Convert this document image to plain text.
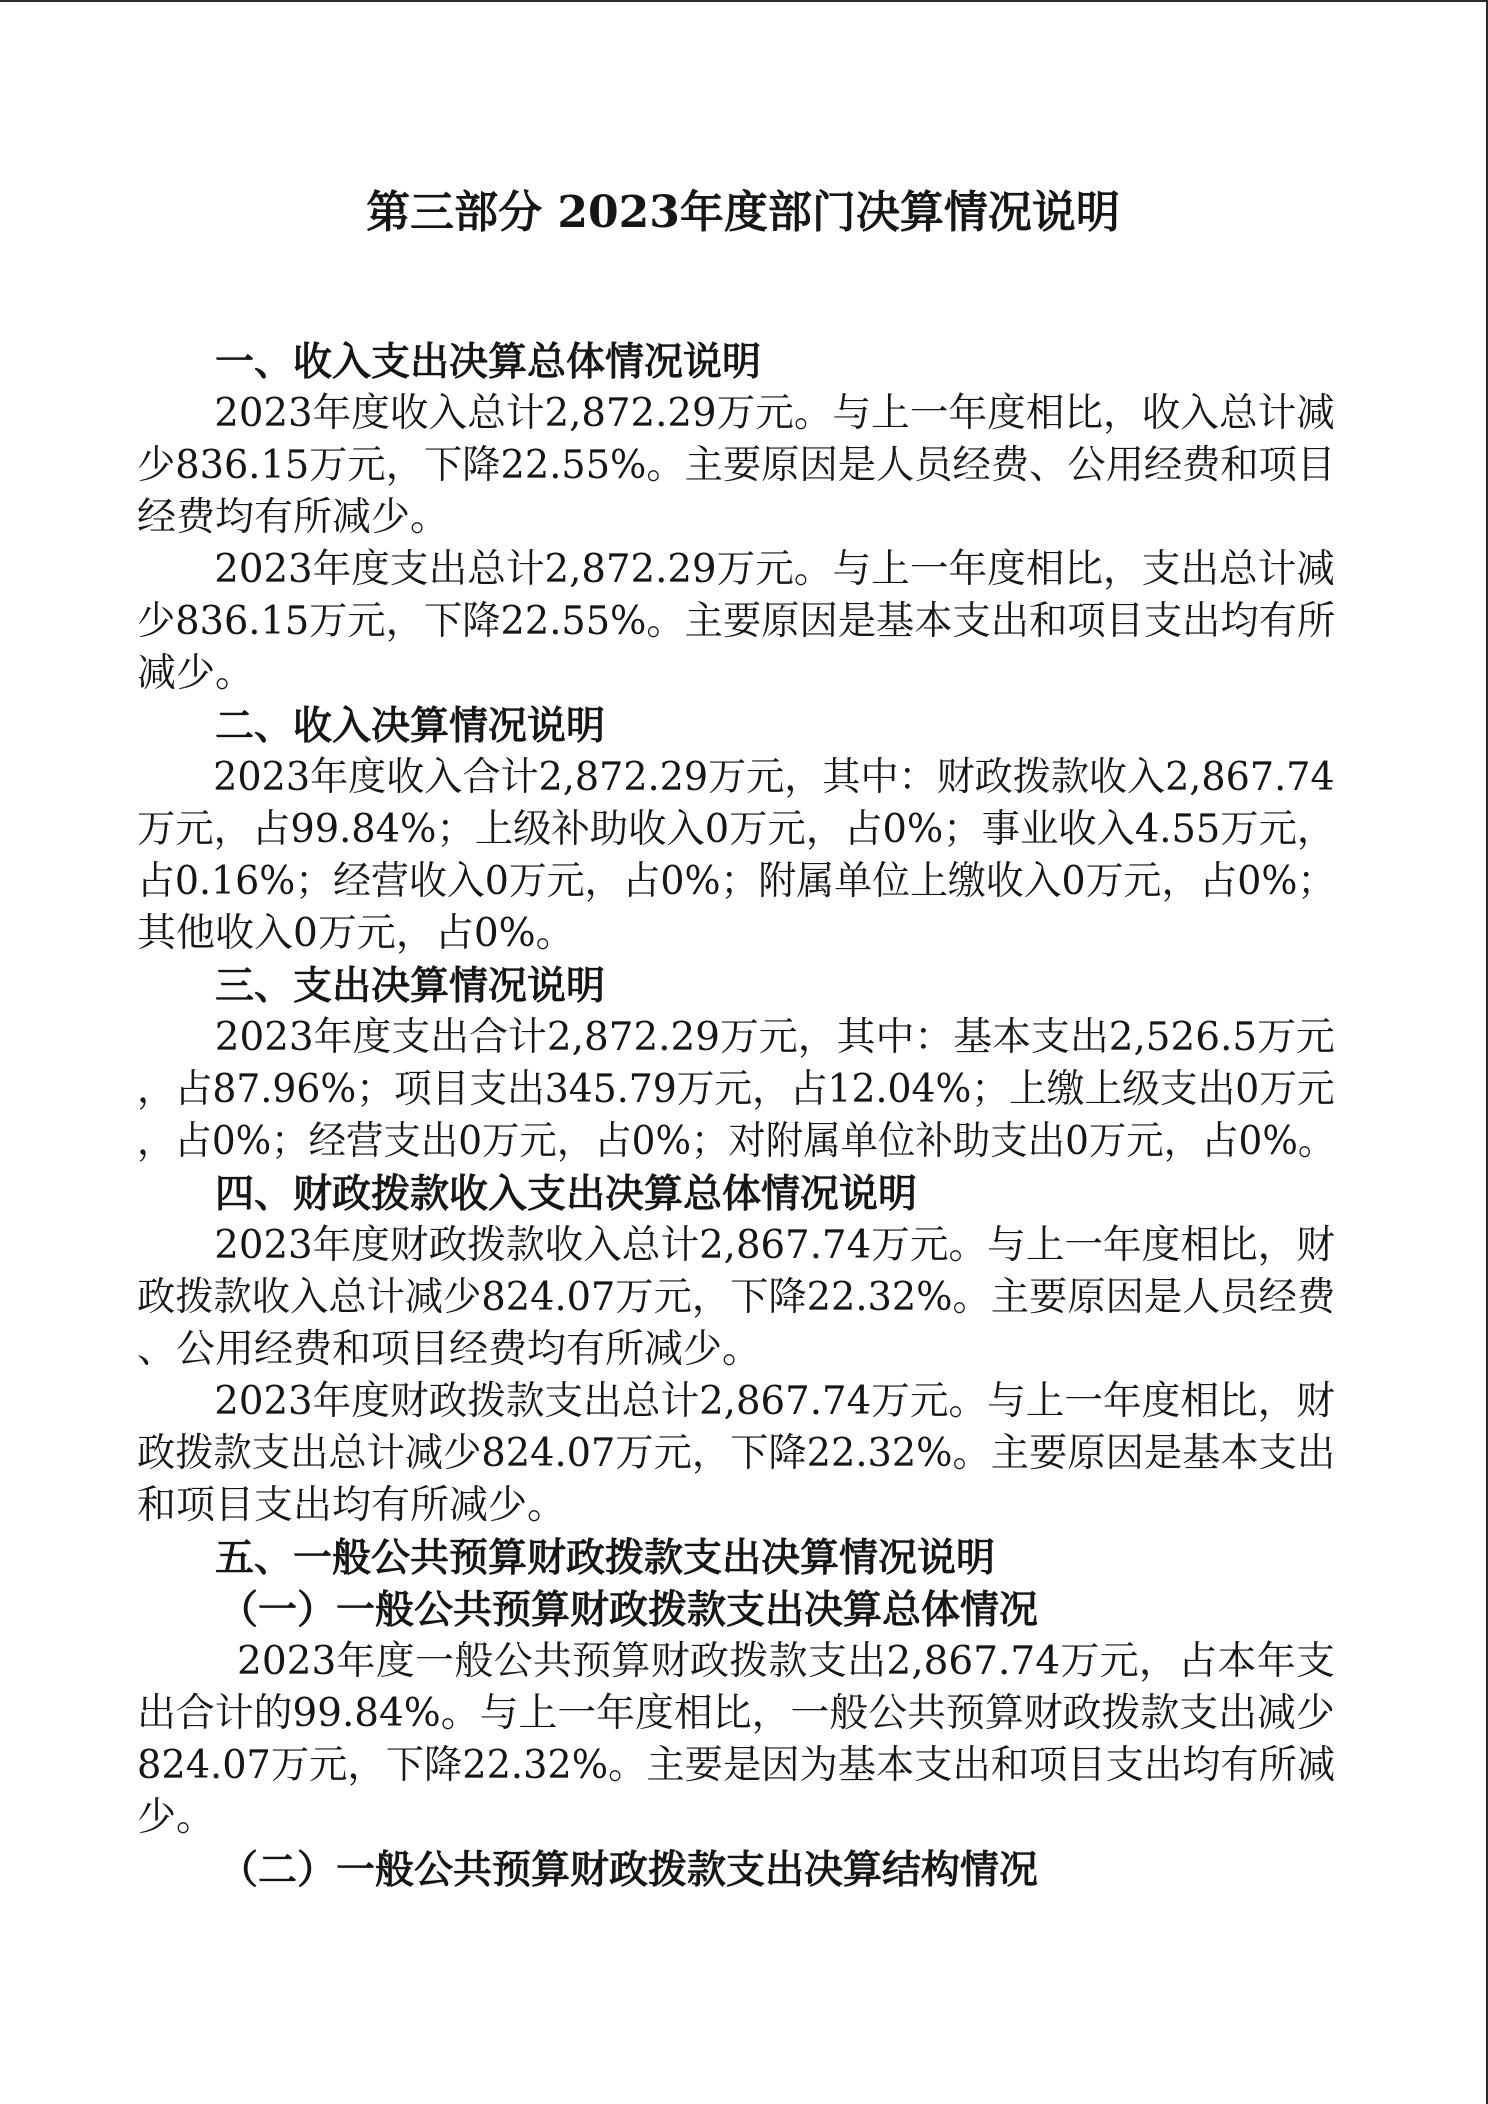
第三部分 2023年度部门决算情况说明
一、收入支出决算总体情况说明
2023年度收入总计2,872.29万元。与上一年度相比，收入总计减
少836.15万元，下降22.55%。主要原因是人员经费、公用经费和项目
经费均有所减少。
2023年度支出总计2,872.29万元。与上一年度相比，支出总计减
少836.15万元，下降22.55%。主要原因是基本支出和项目支出均有所
减少。
二、收入决算情况说明
2023年度收入合计2,872.29万元，其中：财政拨款收入2,867.74
万元，占99.84%；上级补助收入0万元，占0%；事业收入4.55万元，
占0.16%；经营收入0万元，占0%；附属单位上缴收入0万元，占0%；
其他收入0万元，占0%。
三、支出决算情况说明
2023年度支出合计2,872.29万元，其中：基本支出2,526.5万元
，占87.96%；项目支出345.79万元，占12.04%；上缴上级支出0万元
，占0%；经营支出0万元，占0%；对附属单位补助支出0万元，占0%。
四、财政拨款收入支出决算总体情况说明
2023年度财政拨款收入总计2,867.74万元。与上一年度相比，财
政拨款收入总计减少824.07万元，下降22.32%。主要原因是人员经费
、公用经费和项目经费均有所减少。
2023年度财政拨款支出总计2,867.74万元。与上一年度相比，财
政拨款支出总计减少824.07万元，下降22.32%。主要原因是基本支出
和项目支出均有所减少。
五、一般公共预算财政拨款支出决算情况说明
（一）一般公共预算财政拨款支出决算总体情况
2023年度一般公共预算财政拨款支出2,867.74万元，占本年支
出合计的99.84%。与上一年度相比，一般公共预算财政拨款支出减少
824.07万元，下降22.32%。主要是因为基本支出和项目支出均有所减
少。
（二）一般公共预算财政拨款支出决算结构情况
